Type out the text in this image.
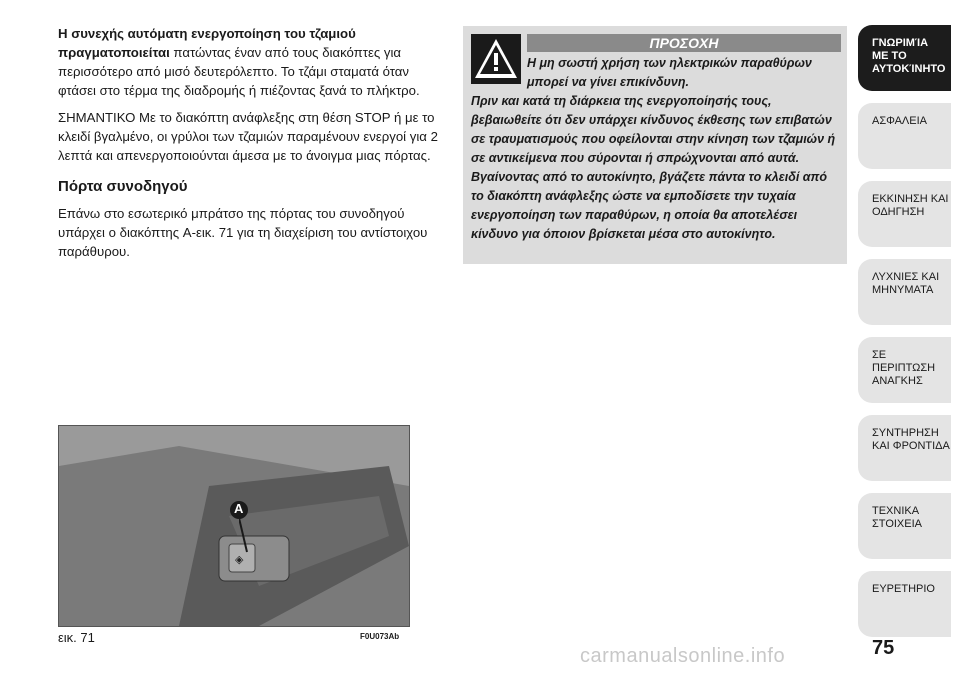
Η συνεχής αυτόματη ενεργοποίηση του τζαμιού πραγματοποιείται πατώντας έναν από τους διακόπτες για περισσότερο από μισό δευτερόλεπτο. Το τζάμι σταματά όταν φτάσει στο τέρμα της διαδρομής ή πιέζοντας ξανά το πλήκτρο.

ΣΗΜΑΝΤΙΚΟ Με το διακόπτη ανάφλεξης στη θέση STOP ή με το κλειδί βγαλμένο, οι γρύλοι των τζαμιών παραμένουν ενεργοί για 2 λεπτά και απενεργοποιούνται άμεσα με το άνοιγμα μιας πόρτας.

Πόρτα συνοδηγού

Επάνω στο εσωτερικό μπράτσο της πόρτας του συνοδηγού υπάρχει ο διακόπτης A-εικ. 71 για τη διαχείριση του αντίστοιχου παράθυρου.

ΠΡΟΣΟΧΗ
Η μη σωστή χρήση των ηλεκτρικών παραθύρων μπορεί να γίνει επικίνδυνη.
Πριν και κατά τη διάρκεια της ενεργοποίησής τους, βεβαιωθείτε ότι δεν υπάρχει κίνδυνος έκθεσης των επιβατών σε τραυματισμούς που οφείλονται στην κίνηση των τζαμιών ή σε αντικείμενα που σύρονται ή σπρώχνονται από αυτά. Βγαίνοντας από το αυτοκίνητο, βγάζετε πάντα το κλειδί από το διακόπτη ανάφλεξης ώστε να εμποδίσετε την τυχαία ενεργοποίηση των παραθύρων, η οποία θα αποτελέσει κίνδυνο για όποιον βρίσκεται μέσα στο αυτοκίνητο.
◈
A
εικ. 71	F0U073Ab
ΓΝΩΡΙΜΊΑ
ΜΕ ΤΟ
ΑΥΤΟΚΊΝΗΤΟ
ΑΣΦΑΛΕΙΑ
ΕΚΚΙΝΗΣΗ ΚΑΙ
ΟΔΗΓΗΣΗ
ΛΥΧΝΙΕΣ ΚΑΙ
ΜΗΝΥΜΑΤΑ
ΣΕ ΠΕΡΙΠΤΩΣΗ
ΑΝΑΓΚΗΣ
ΣΥΝΤΗΡΗΣΗ
ΚΑΙ ΦΡΟΝΤΙΔΑ
ΤΕΧΝΙΚΑ
ΣΤΟΙΧΕΙΑ
ΕΥΡΕΤΗΡΙΟ
75
carmanualsonline.info
